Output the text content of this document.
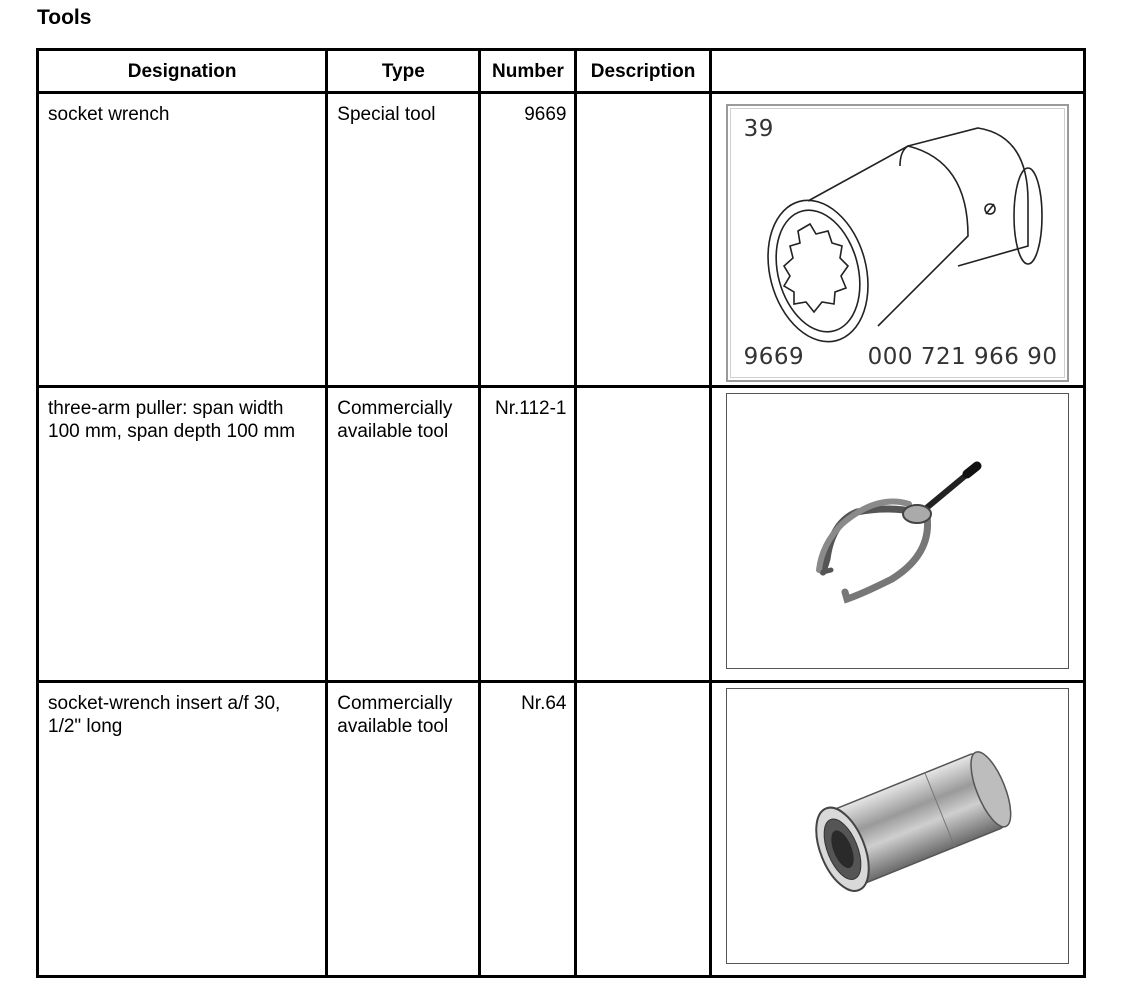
Tools
Designation	Type	Number	Description	

socket wrench	Special tool	9669		39
9669 000 721 966 90

three-arm puller: span width 100 mm, span depth 100 mm	Commercially available tool	Nr.112-1

socket-wrench insert a/f 30, 1/2" long	Commercially available tool	Nr.64
